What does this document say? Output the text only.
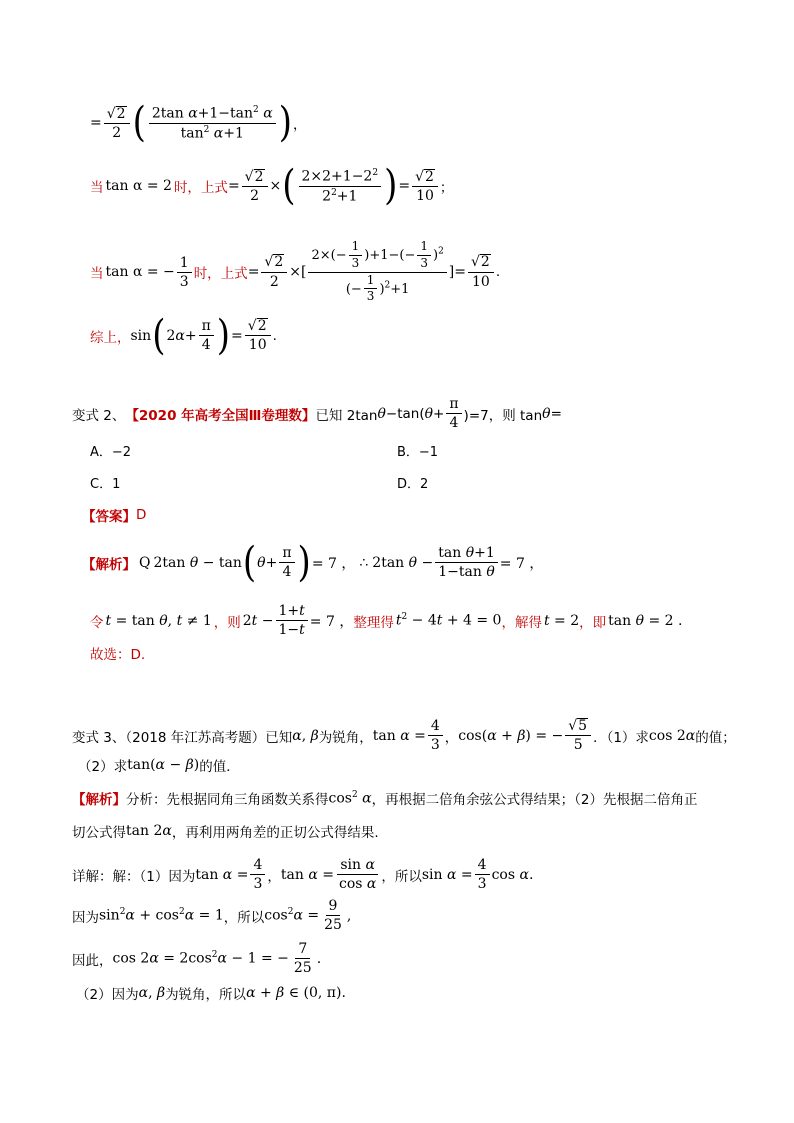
= $\frac{√ 2}{2}$ ( $\frac{2\tan \alpha+1-\tan^2 \alpha}{\tan^2 \alpha+1}$ ) ，
当 tan α = 2 时， 上式 = $\frac{√ 2}{2}$ × ( $\frac{2\times 2+1-2^2}{2^2+1}$ ) = $\frac{√ 2}{10}$ ；
当 tan α = − $\frac{1}{3}$ 时， 上式 = $\frac{√ 2}{2}$ ×[ $\frac{2\times(- \frac{1}{3} )+1-(- \frac{1}{3} )^2}{(- \frac{1}{3} )^2+1}$ ]= $\frac{√ 2}{10}$ .
综上， sin ( $2\alpha+ \frac{\pi}{4}$ ) = $\frac{√ 2}{10}$ .
变式 2、 【2020 年高考全国Ⅲ卷理数】 已知 2tan θ −tan( $\theta + \frac{\pi}{4} )=7$，则 tan θ =
A．−2	B．−1
C．1	D．2
【答案】 D
【解析】 Q 2tan θ − tan ( $\theta+ \frac{\pi}{4}$ ) = 7 ， ∴ 2tan $\theta - \frac{\text{tan θ+1}}{\text{1−tan θ}} = 7$ ，
令 t = tan θ, t ≠ 1 ，则 $2t - \frac{1+t}{1-t} = 7$ ， 整理得 $t^2 - 4t + 4 = 0$ ，解得 t = 2 ，即 tan θ = 2 .
故选：D.
变式 3、（2018 年江苏高考题）已知 α, β 为锐角， $\tan \alpha = \frac{4}{3}$ ， cos(α + β) = − $\frac{√ 5}{5}$ ．（1）求 cos 2α 的值；
（2）求 tan(α − β) 的值．
【解析】 分析：先根据同角三角函数关系得 $\cos^2 \alpha$ ，再根据二倍角余弦公式得结果；（2）先根据二倍角正
切公式得 tan 2α ，再利用两角差的正切公式得结果.
详解：解：（1）因为 $\tan \alpha = \frac{4}{3}$ ， $\tan \alpha = \frac{\text{sin α}}{\text{cos α}}$ ，所以 $\sin \alpha = \frac{4}{3}$ cos α.
因为 $\sin^2\alpha + \cos^2\alpha = 1$ ，所以 $\cos^2\alpha = \frac{9}{25}$ ,
因此， $\cos 2\alpha = 2\cos^2\alpha - 1$ = − $\frac{7}{25}$ .
（2）因为 α, β 为锐角，所以 α + β ∈ (0, π).
